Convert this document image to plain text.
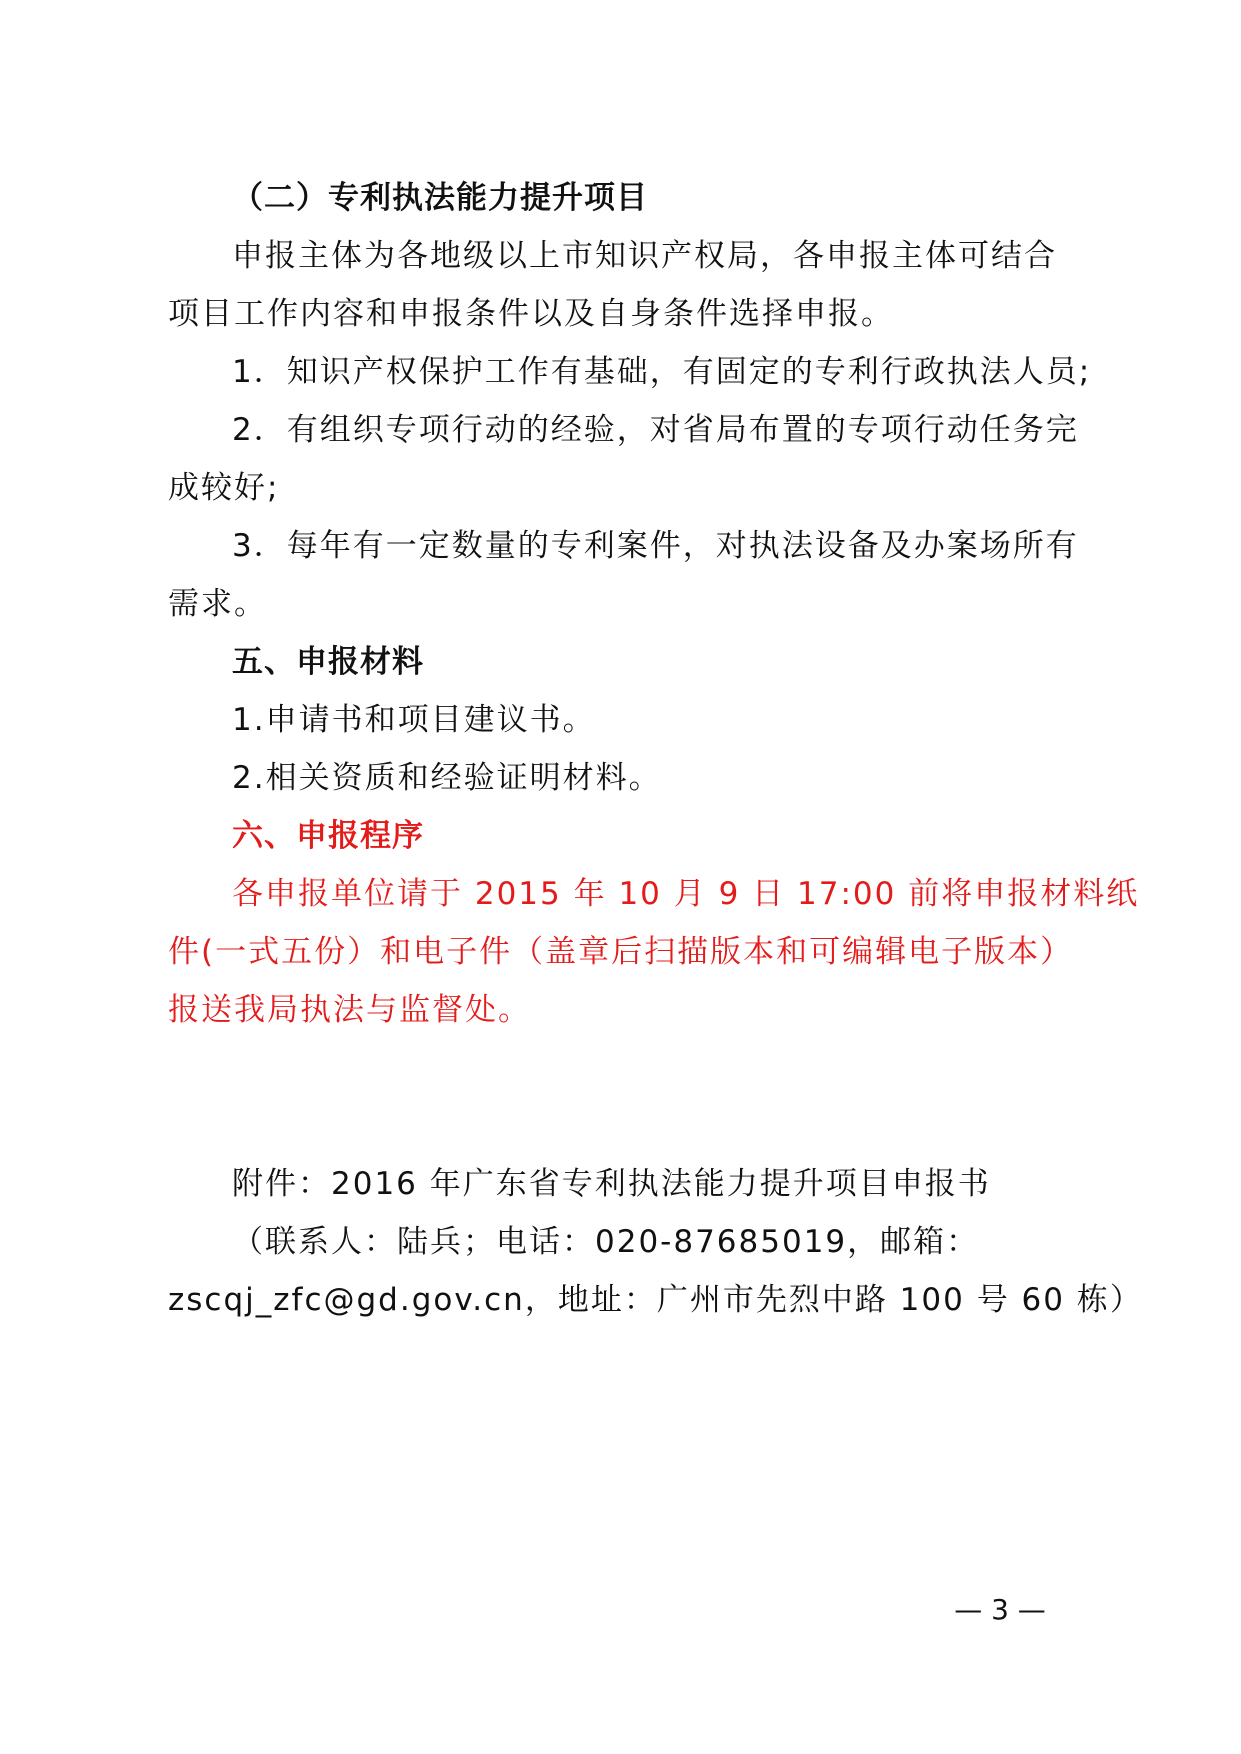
（二）专利执法能力提升项目
申报主体为各地级以上市知识产权局，各申报主体可结合
项目工作内容和申报条件以及自身条件选择申报。
1．知识产权保护工作有基础，有固定的专利行政执法人员;
2．有组织专项行动的经验，对省局布置的专项行动任务完
成较好;
3．每年有一定数量的专利案件，对执法设备及办案场所有
需求。
五、申报材料
1.申请书和项目建议书。
2.相关资质和经验证明材料。
六、申报程序
各申报单位请于 2015 年 10 月 9 日 17:00 前将申报材料纸
件(一式五份）和电子件（盖章后扫描版本和可编辑电子版本）
报送我局执法与监督处。
附件：2016 年广东省专利执法能力提升项目申报书
（联系人：陆兵；电话：020-87685019，邮箱：
zscqj_zfc@gd.gov.cn，地址：广州市先烈中路 100 号 60 栋）
— 3 —
